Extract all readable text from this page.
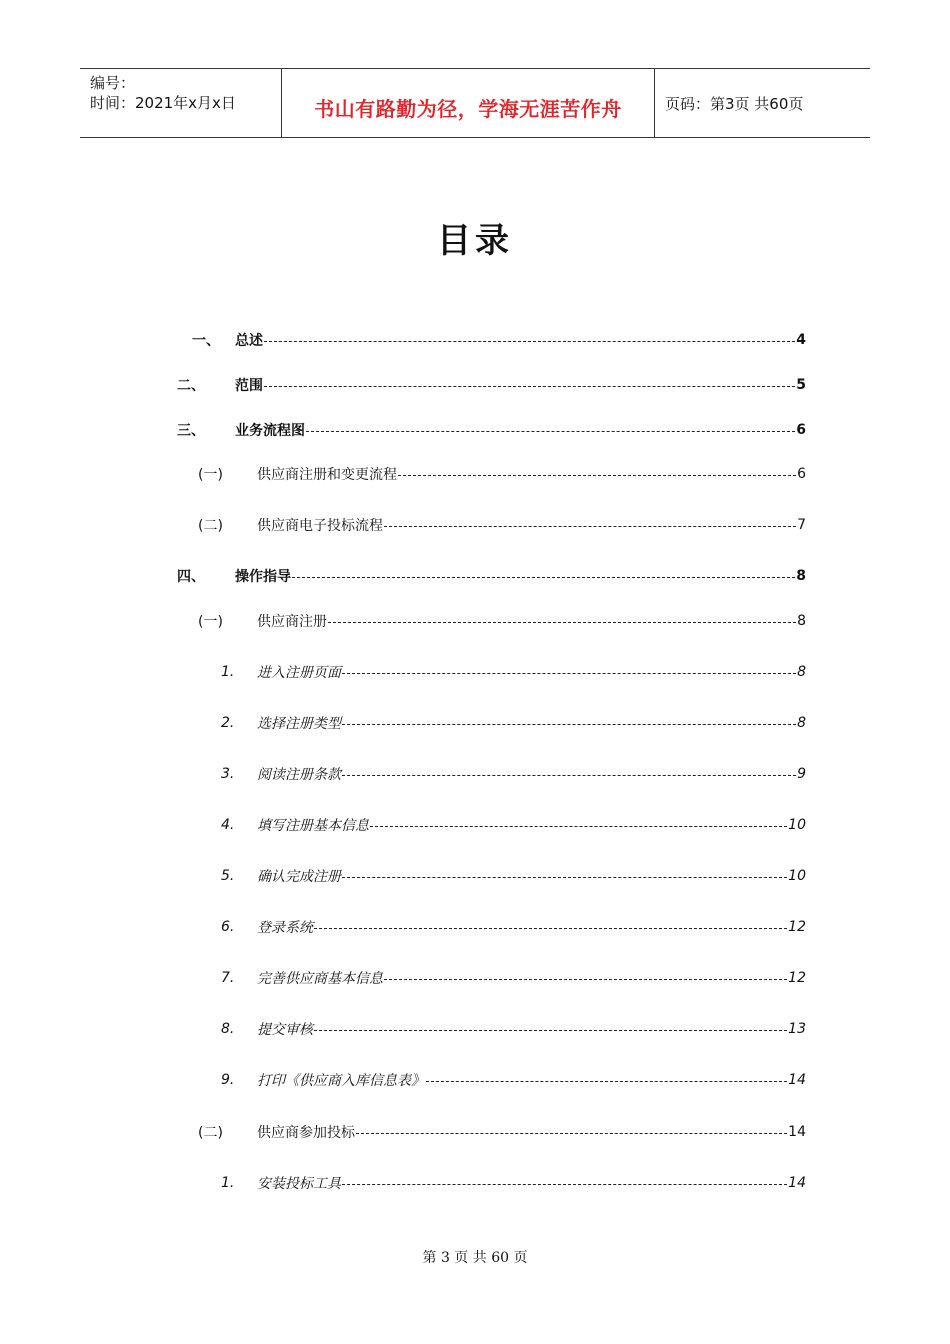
编号：
时间：2021年x月x日	书山有路勤为径，学海无涯苦作舟	页码：第3页 共60页
目录
一、 总述	4
二、 范围	5
三、 业务流程图	6
(一) 供应商注册和变更流程	6
(二) 供应商电子投标流程	7
四、 操作指导	8
(一) 供应商注册	8
1. 进入注册页面	8
2. 选择注册类型	8
3. 阅读注册条款	9
4. 填写注册基本信息	10
5. 确认完成注册	10
6. 登录系统	12
7. 完善供应商基本信息	12
8. 提交审核	13
9. 打印《供应商入库信息表》	14
(二) 供应商参加投标	14
1. 安装投标工具	14
第 3 页 共 60 页
